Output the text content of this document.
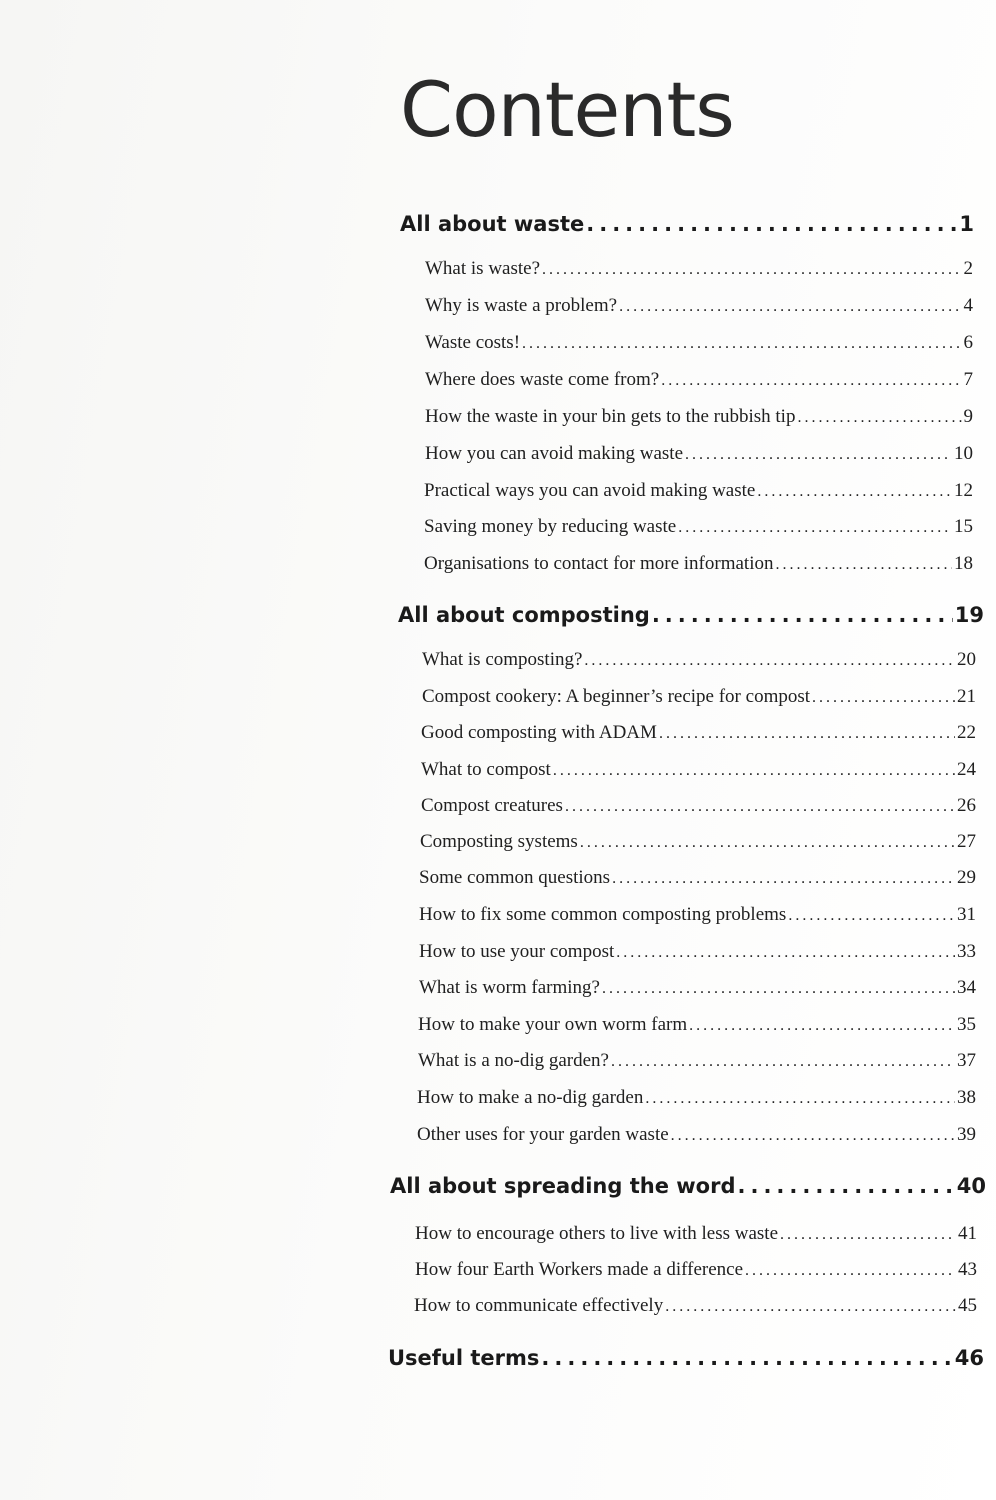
Contents
All about waste .....	1
What is waste? .....	2
Why is waste a problem? .....	4
Waste costs! .....	6
Where does waste come from? .....	7
How the waste in your bin gets to the rubbish tip .....	9
How you can avoid making waste .....	10
Practical ways you can avoid making waste .....	12
Saving money by reducing waste .....	15
Organisations to contact for more information .....	18
All about composting .....	19
What is composting? .....	20
Compost cookery: A beginner’s recipe for compost .....	21
Good composting with ADAM .....	22
What to compost .....	24
Compost creatures .....	26
Composting systems .....	27
Some common questions .....	29
How to fix some common composting problems .....	31
How to use your compost .....	33
What is worm farming? .....	34
How to make your own worm farm .....	35
What is a no-dig garden? .....	37
How to make a no-dig garden .....	38
Other uses for your garden waste .....	39
All about spreading the word .....	40
How to encourage others to live with less waste .....	41
How four Earth Workers made a difference .....	43
How to communicate effectively .....	45
Useful terms .....	46
